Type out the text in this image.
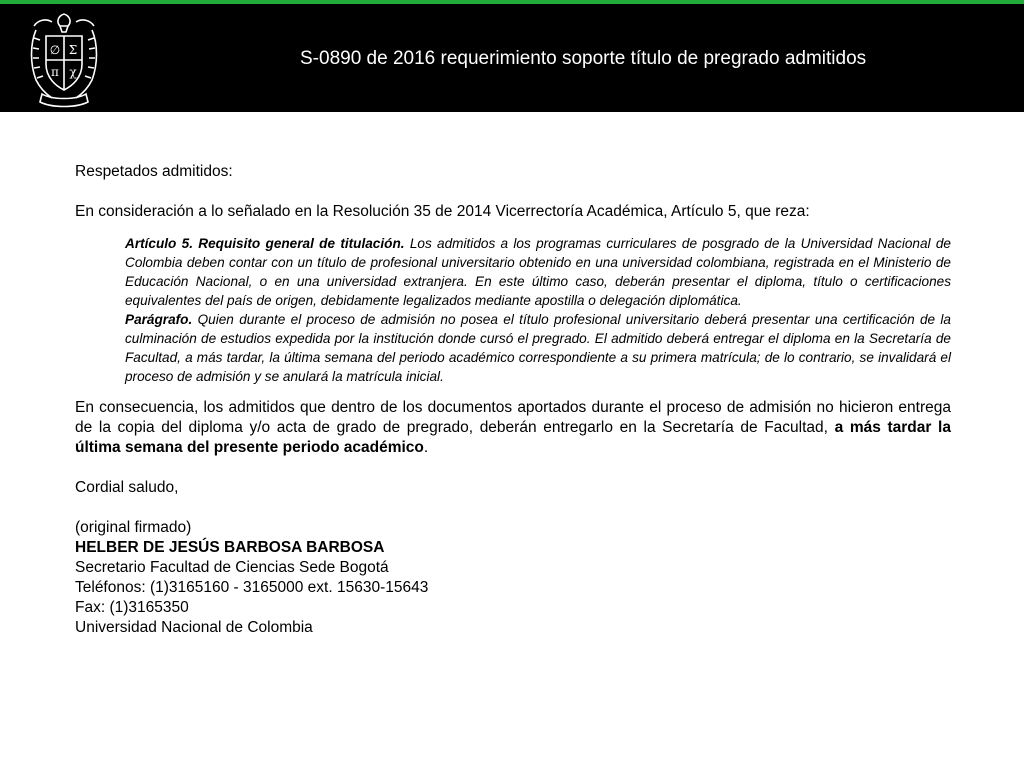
∅ Σ
π χ
S-0890 de 2016 requerimiento soporte título de pregrado admitidos

Respetados admitidos:

En consideración a lo señalado en la Resolución 35 de 2014 Vicerrectoría Académica, Artículo 5, que reza:

Artículo 5. Requisito general de titulación. Los admitidos a los programas curriculares de posgrado de la Universidad Nacional de Colombia deben contar con un título de profesional universitario obtenido en una universidad colombiana, registrada en el Ministerio de Educación Nacional, o en una universidad extranjera. En este último caso, deberán presentar el diploma, título o certificaciones equivalentes del país de origen, debidamente legalizados mediante apostilla o delegación diplomática.

Parágrafo. Quien durante el proceso de admisión no posea el título profesional universitario deberá presentar una certificación de la culminación de estudios expedida por la institución donde cursó el pregrado. El admitido deberá entregar el diploma en la Secretaría de Facultad, a más tardar, la última semana del periodo académico correspondiente a su primera matrícula; de lo contrario, se invalidará el proceso de admisión y se anulará la matrícula inicial.

En consecuencia, los admitidos que dentro de los documentos aportados durante el proceso de admisión no hicieron entrega de la copia del diploma y/o acta de grado de pregrado, deberán entregarlo en la Secretaría de Facultad, a más tardar la última semana del presente periodo académico.

Cordial saludo,

(original firmado)
HELBER DE JESÚS BARBOSA BARBOSA
Secretario Facultad de Ciencias Sede Bogotá
Teléfonos: (1)3165160 - 3165000 ext. 15630-15643
Fax: (1)3165350
Universidad Nacional de Colombia
